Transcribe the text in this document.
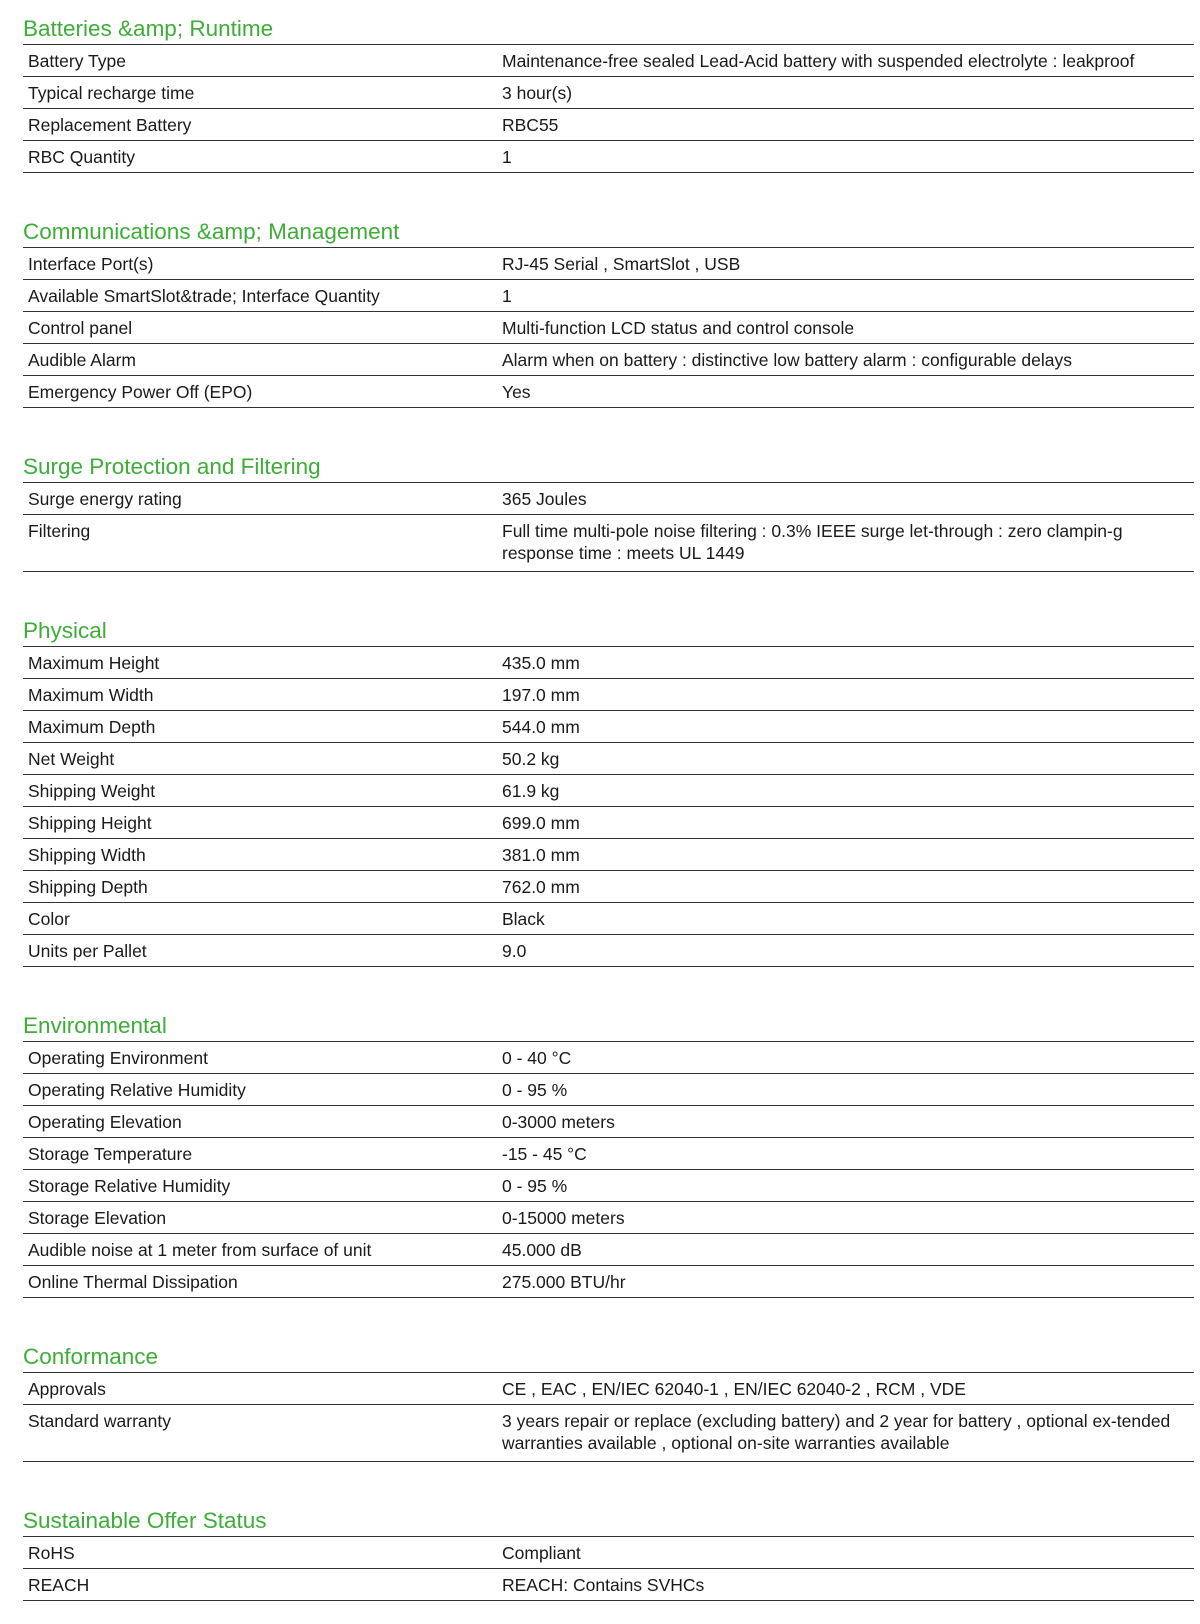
Batteries &amp; Runtime
Battery Type	Maintenance-free sealed Lead-Acid battery with suspended electrolyte : leakproof
Typical recharge time	3 hour(s)
Replacement Battery	RBC55
RBC Quantity	1
Communications &amp; Management
Interface Port(s)	RJ-45 Serial , SmartSlot , USB
Available SmartSlot&trade; Interface Quantity	1
Control panel	Multi-function LCD status and control console
Audible Alarm	Alarm when on battery : distinctive low battery alarm : configurable delays
Emergency Power Off (EPO)	Yes
Surge Protection and Filtering
Surge energy rating	365 Joules
Filtering	Full time multi-pole noise filtering : 0.3% IEEE surge let-through : zero clampin-g response time : meets UL 1449
Physical
Maximum Height	435.0 mm
Maximum Width	197.0 mm
Maximum Depth	544.0 mm
Net Weight	50.2 kg
Shipping Weight	61.9 kg
Shipping Height	699.0 mm
Shipping Width	381.0 mm
Shipping Depth	762.0 mm
Color	Black
Units per Pallet	9.0
Environmental
Operating Environment	0 - 40 °C
Operating Relative Humidity	0 - 95 %
Operating Elevation	0-3000 meters
Storage Temperature	-15 - 45 °C
Storage Relative Humidity	0 - 95 %
Storage Elevation	0-15000 meters
Audible noise at 1 meter from surface of unit	45.000 dB
Online Thermal Dissipation	275.000 BTU/hr
Conformance
Approvals	CE , EAC , EN/IEC 62040-1 , EN/IEC 62040-2 , RCM , VDE
Standard warranty	3 years repair or replace (excluding battery) and 2 year for battery , optional ex-tended warranties available , optional on-site warranties available
Sustainable Offer Status
RoHS	Compliant
REACH	REACH: Contains SVHCs
